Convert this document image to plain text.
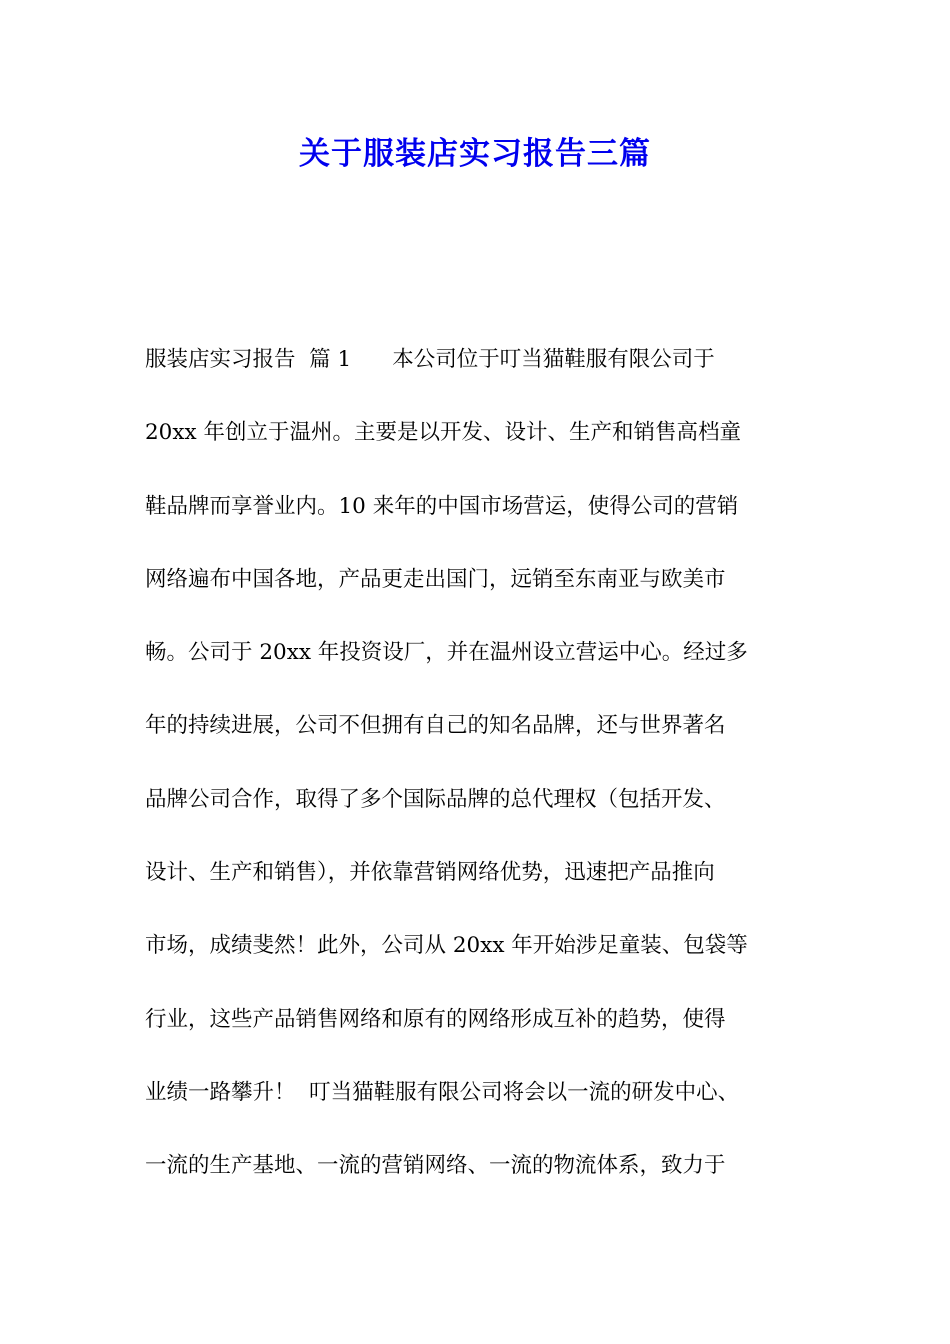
关于服装店实习报告三篇
服装店实习报告  篇 1      本公司位于叮当猫鞋服有限公司于
20xx 年创立于温州。主要是以开发、设计、生产和销售高档童
鞋品牌而享誉业内。10 来年的中国市场营运，使得公司的营销
网络遍布中国各地，产品更走出国门，远销至东南亚与欧美市
畅。公司于 20xx 年投资设厂，并在温州设立营运中心。经过多
年的持续进展，公司不但拥有自己的知名品牌，还与世界著名
品牌公司合作，取得了多个国际品牌的总代理权（包括开发、
设计、生产和销售），并依靠营销网络优势，迅速把产品推向
市场，成绩斐然！此外，公司从 20xx 年开始涉足童装、包袋等
行业，这些产品销售网络和原有的网络形成互补的趋势，使得
业绩一路攀升！  叮当猫鞋服有限公司将会以一流的研发中心、
一流的生产基地、一流的营销网络、一流的物流体系，致力于
